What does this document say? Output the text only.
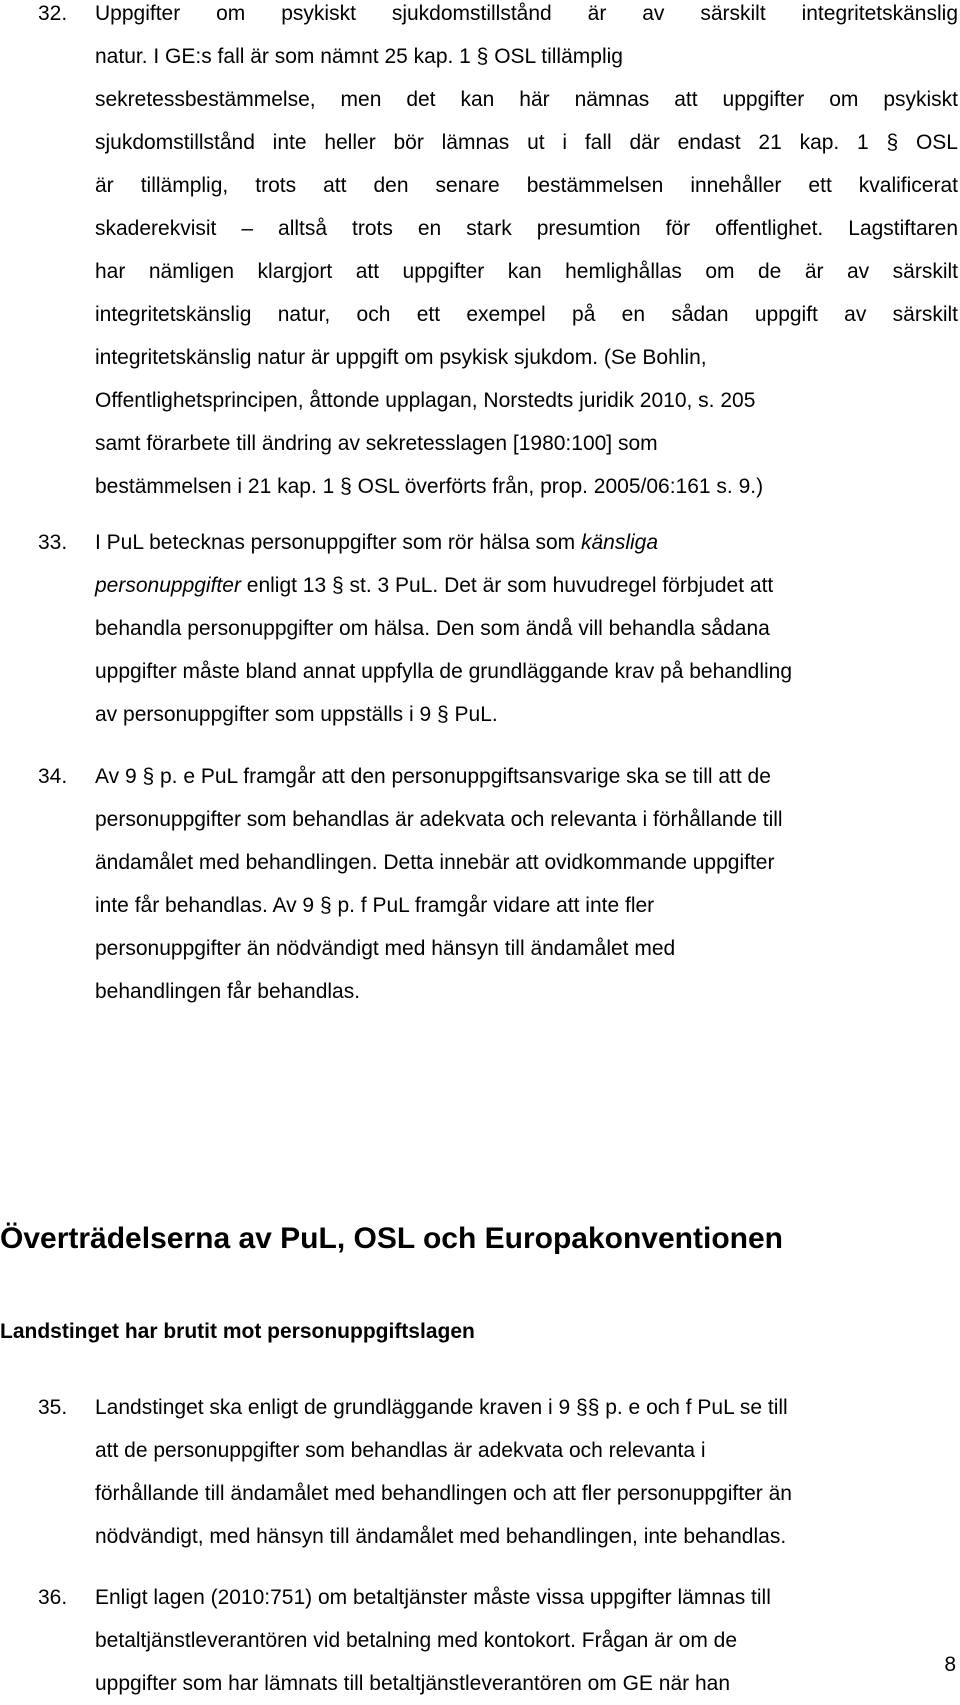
32. Uppgifter om psykiskt sjukdomstillstånd är av särskilt integritetskänslig
natur. I GE:s fall är som nämnt 25 kap. 1 § OSL tillämplig
sekretessbestämmelse, men det kan här nämnas att uppgifter om psykiskt
sjukdomstillstånd inte heller bör lämnas ut i fall där endast 21 kap. 1 § OSL
är tillämplig, trots att den senare bestämmelsen innehåller ett kvalificerat
skaderekvisit – alltså trots en stark presumtion för offentlighet. Lagstiftaren
har nämligen klargjort att uppgifter kan hemlighållas om de är av särskilt
integritetskänslig natur, och ett exempel på en sådan uppgift av särskilt
integritetskänslig natur är uppgift om psykisk sjukdom. (Se Bohlin,
Offentlighetsprincipen, åttonde upplagan, Norstedts juridik 2010, s. 205
samt förarbete till ändring av sekretesslagen [1980:100] som
bestämmelsen i 21 kap. 1 § OSL överförts från, prop. 2005/06:161 s. 9.)
33. I PuL betecknas personuppgifter som rör hälsa som känsliga
personuppgifter enligt 13 § st. 3 PuL. Det är som huvudregel förbjudet att
behandla personuppgifter om hälsa. Den som ändå vill behandla sådana
uppgifter måste bland annat uppfylla de grundläggande krav på behandling
av personuppgifter som uppställs i 9 § PuL.
34. Av 9 § p. e PuL framgår att den personuppgiftsansvarige ska se till att de
personuppgifter som behandlas är adekvata och relevanta i förhållande till
ändamålet med behandlingen. Detta innebär att ovidkommande uppgifter
inte får behandlas. Av 9 § p. f PuL framgår vidare att inte fler
personuppgifter än nödvändigt med hänsyn till ändamålet med
behandlingen får behandlas.
Överträdelserna av PuL, OSL och Europakonventionen
Landstinget har brutit mot personuppgiftslagen
35. Landstinget ska enligt de grundläggande kraven i 9 §§ p. e och f PuL se till
att de personuppgifter som behandlas är adekvata och relevanta i
förhållande till ändamålet med behandlingen och att fler personuppgifter än
nödvändigt, med hänsyn till ändamålet med behandlingen, inte behandlas.
36. Enligt lagen (2010:751) om betaltjänster måste vissa uppgifter lämnas till
betaltjänstleverantören vid betalning med kontokort. Frågan är om de
uppgifter som har lämnats till betaltjänstleverantören om GE när han
8
